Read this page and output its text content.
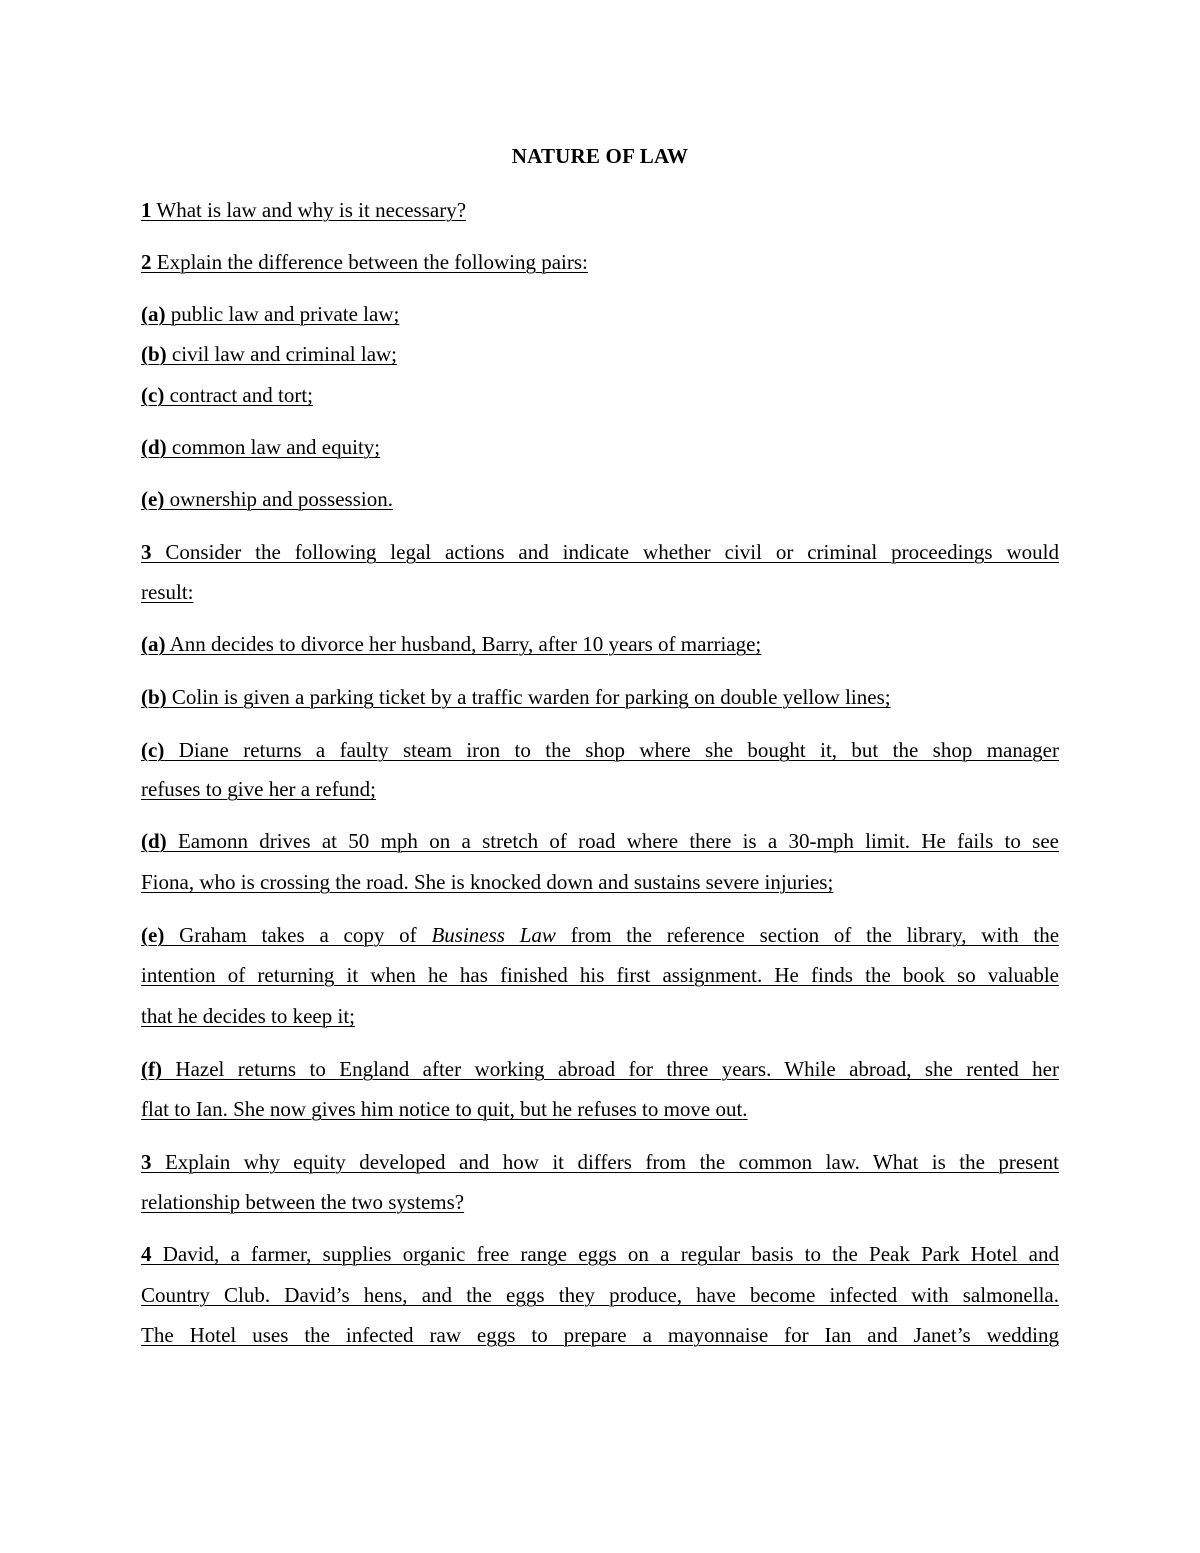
NATURE OF LAW
1 What is law and why is it necessary?
2 Explain the difference between the following pairs:
(a) public law and private law;
(b) civil law and criminal law;
(c) contract and tort;
(d) common law and equity;
(e) ownership and possession.
3 Consider the following legal actions and indicate whether civil or criminal proceedings would
result:
(a) Ann decides to divorce her husband, Barry, after 10 years of marriage;
(b) Colin is given a parking ticket by a traffic warden for parking on double yellow lines;
(c) Diane returns a faulty steam iron to the shop where she bought it, but the shop manager
refuses to give her a refund;
(d) Eamonn drives at 50 mph on a stretch of road where there is a 30-mph limit. He fails to see
Fiona, who is crossing the road. She is knocked down and sustains severe injuries;
(e) Graham takes a copy of Business Law from the reference section of the library, with the
intention of returning it when he has finished his first assignment. He finds the book so valuable
that he decides to keep it;
(f) Hazel returns to England after working abroad for three years. While abroad, she rented her
flat to Ian. She now gives him notice to quit, but he refuses to move out.
3 Explain why equity developed and how it differs from the common law. What is the present
relationship between the two systems?
4 David, a farmer, supplies organic free range eggs on a regular basis to the Peak Park Hotel and
Country Club. David’s hens, and the eggs they produce, have become infected with salmonella.
The Hotel uses the infected raw eggs to prepare a mayonnaise for Ian and Janet’s wedding
